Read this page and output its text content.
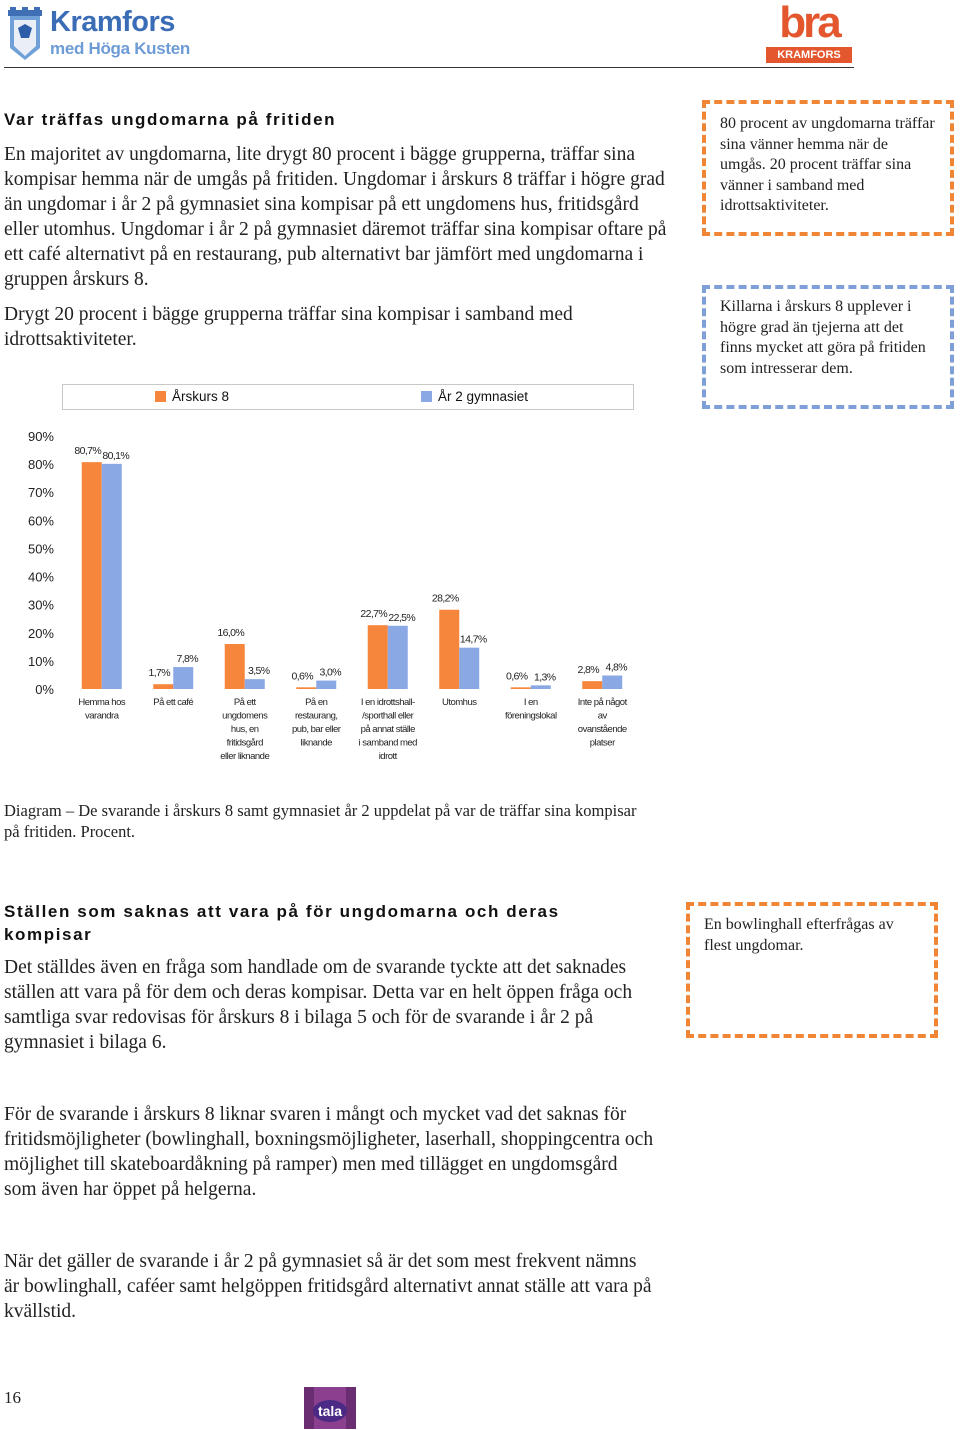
Kramfors
med Höga Kusten
bra
KRAMFORS
Var träffas ungdomarna på fritiden

En majoritet av ungdomarna, lite drygt 80 procent i bägge grupperna, träffar sina kompisar hemma när de umgås på fritiden. Ungdomar i årskurs 8 träffar i högre grad än ungdomar i år 2 på gymnasiet sina kompisar på ett ungdomens hus, fritidsgård eller utomhus. Ungdomar i år 2 på gymnasiet däremot träffar sina kompisar oftare på ett café alternativt på en restaurang, pub alternativt bar jämfört med ungdomarna i gruppen årskurs 8.

Drygt 20 procent i bägge grupperna träffar sina kompisar i samband med idrottsaktiviteter.

80 procent av ungdomarna träffar sina vänner hemma när de umgås. 20 procent träffar sina vänner i samband med idrottsaktiviteter.
Killarna i årskurs 8 upplever i högre grad än tjejerna att det finns mycket att göra på fritiden som intresserar dem.
Årskurs 8	År 2 gymnasiet
0%
10%
20%
30%
40%
50%
60%
70%
80%
90%
80,7% 80,1%
1,7%
7,8%
16,0%
3,5% 0,6% 3,0%
22,7% 22,5%
28,2%
14,7%
0,6% 1,3%
2,8% 4,8%
Hemma hos
varandra
På ett café	På ett
ungdomens
hus, en
fritidsgård
eller liknande
På en
restaurang,
pub, bar eller
liknande
I en idrottshall-
/sporthall eller
på annat ställe
i samband med
idrott
Utomhus	I en
föreningslokal
Inte på något
av
ovanstående
platser
Diagram – De svarande i årskurs 8 samt gymnasiet år 2 uppdelat på var de träffar sina kompisar på fritiden. Procent.
Ställen som saknas att vara på för ungdomarna och deras kompisar
Det ställdes även en fråga som handlade om de svarande tyckte att det saknades ställen att vara på för dem och deras kompisar. Detta var en helt öppen fråga och samtliga svar redovisas för årskurs 8 i bilaga 5 och för de svarande i år 2 på gymnasiet i bilaga 6.
För de svarande i årskurs 8 liknar svaren i mångt och mycket vad det saknas för fritidsmöjligheter (bowlinghall, boxningsmöjligheter, laserhall, shoppingcentra och möjlighet till skateboardåkning på ramper) men med tillägget en ungdomsgård som även har öppet på helgerna.
När det gäller de svarande i år 2 på gymnasiet så är det som mest frekvent nämns är bowlinghall, caféer samt helgöppen fritidsgård alternativt annat ställe att vara på kvällstid.
En bowlinghall efterfrågas av flest ungdomar.
16
tala
